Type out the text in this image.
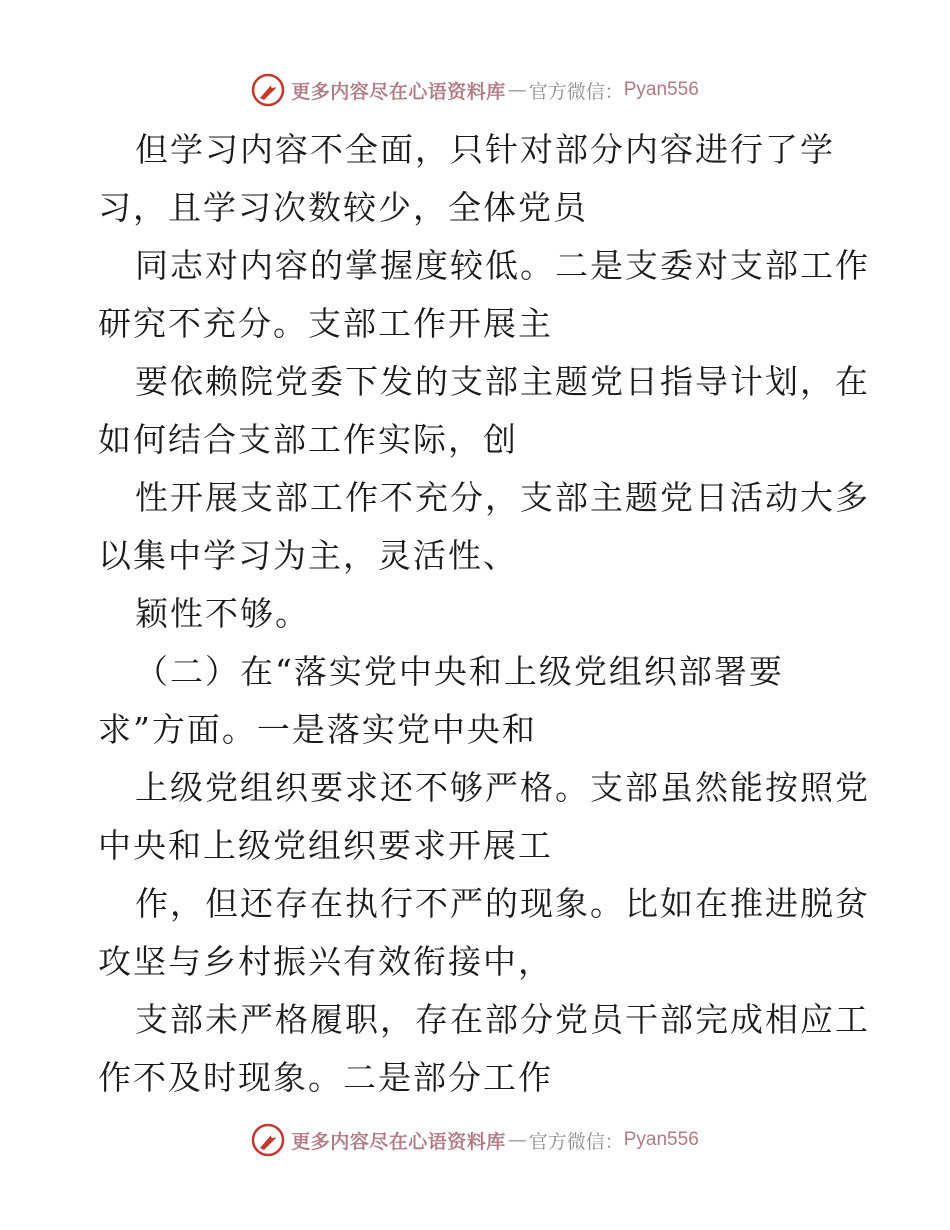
更多内容尽在心语资料库 — 官方微信： Pyan556
但学习内容不全面，只针对部分内容进行了学
习，且学习次数较少，全体党员
同志对内容的掌握度较低。二是支委对支部工作
研究不充分。支部工作开展主
要依赖院党委下发的支部主题党日指导计划，在
如何结合支部工作实际，创
性开展支部工作不充分，支部主题党日活动大多
以集中学习为主，灵活性、
颖性不够。
（二）在“落实党中央和上级党组织部署要
求”方面。一是落实党中央和
上级党组织要求还不够严格。支部虽然能按照党
中央和上级党组织要求开展工
作，但还存在执行不严的现象。比如在推进脱贫
攻坚与乡村振兴有效衔接中，
支部未严格履职，存在部分党员干部完成相应工
作不及时现象。二是部分工作
更多内容尽在心语资料库 — 官方微信： Pyan556
